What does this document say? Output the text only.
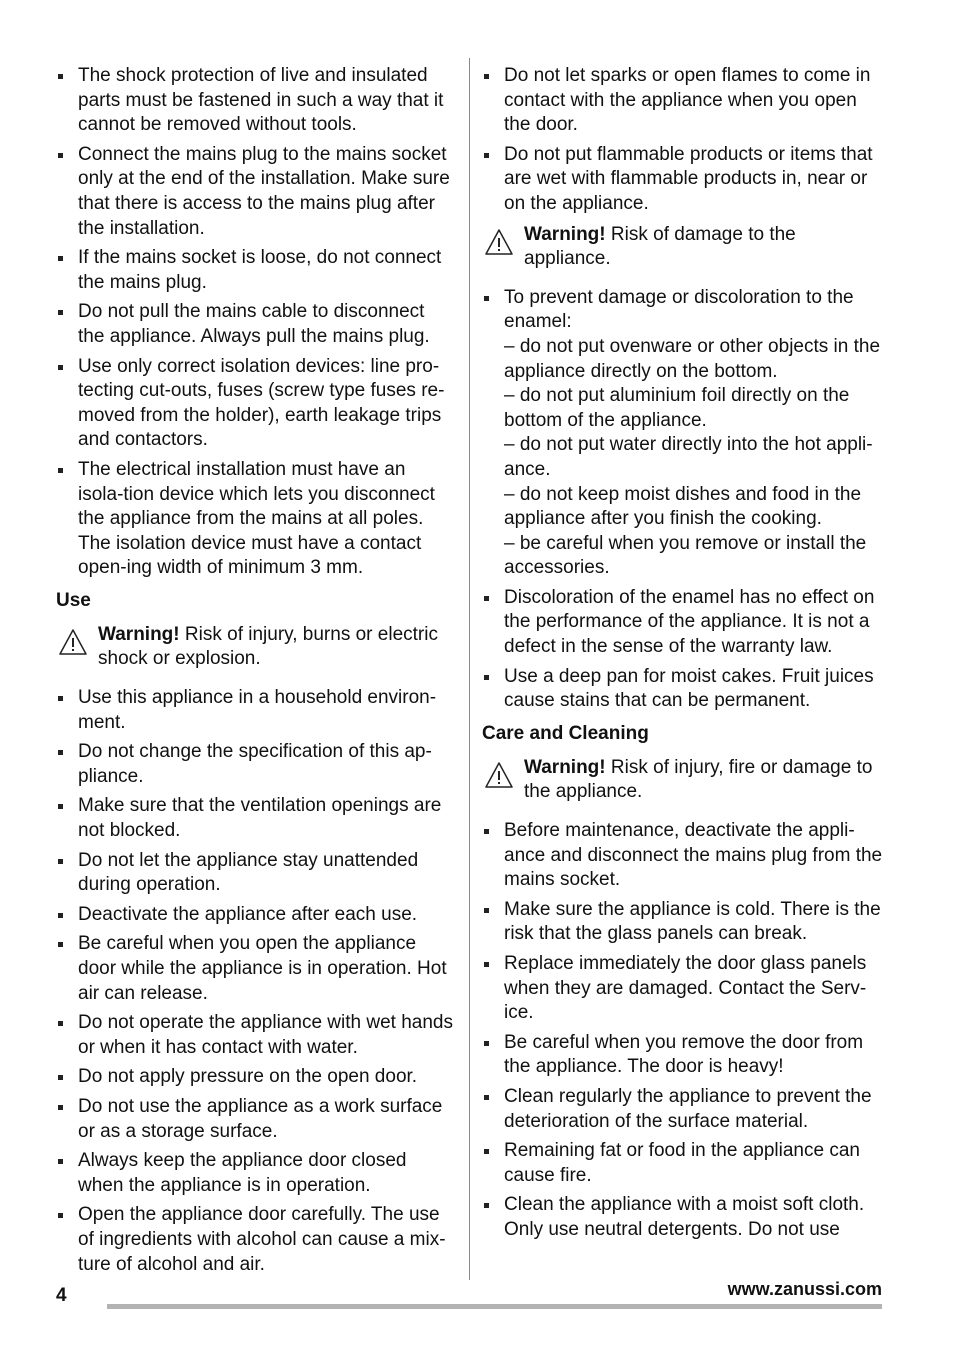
The shock protection of live and insulated parts must be fastened in such a way that it cannot be removed without tools.
Connect the mains plug to the mains socket only at the end of the installation. Make sure that there is access to the mains plug after the installation.
If the mains socket is loose, do not connect the mains plug.
Do not pull the mains cable to disconnect the appliance. Always pull the mains plug.
Use only correct isolation devices: line pro-tecting cut-outs, fuses (screw type fuses re-moved from the holder), earth leakage trips and contactors.
The electrical installation must have an isola-tion device which lets you disconnect the appliance from the mains at all poles. The isolation device must have a contact open-ing width of minimum 3 mm.
Use
Warning! Risk of injury, burns or electric shock or explosion.
Use this appliance in a household environ-ment.
Do not change the specification of this ap-pliance.
Make sure that the ventilation openings are not blocked.
Do not let the appliance stay unattended during operation.
Deactivate the appliance after each use.
Be careful when you open the appliance door while the appliance is in operation. Hot air can release.
Do not operate the appliance with wet hands or when it has contact with water.
Do not apply pressure on the open door.
Do not use the appliance as a work surface or as a storage surface.
Always keep the appliance door closed when the appliance is in operation.
Open the appliance door carefully. The use of ingredients with alcohol can cause a mix-ture of alcohol and air.
Do not let sparks or open flames to come in contact with the appliance when you open the door.
Do not put flammable products or items that are wet with flammable products in, near or on the appliance.
Warning! Risk of damage to the appliance.
To prevent damage or discoloration to the enamel:
– do not put ovenware or other objects in the appliance directly on the bottom.
– do not put aluminium foil directly on the bottom of the appliance.
– do not put water directly into the hot appli-ance.
– do not keep moist dishes and food in the appliance after you finish the cooking.
– be careful when you remove or install the accessories.
Discoloration of the enamel has no effect on the performance of the appliance. It is not a defect in the sense of the warranty law.
Use a deep pan for moist cakes. Fruit juices cause stains that can be permanent.
Care and Cleaning
Warning! Risk of injury, fire or damage to the appliance.
Before maintenance, deactivate the appli-ance and disconnect the mains plug from the mains socket.
Make sure the appliance is cold. There is the risk that the glass panels can break.
Replace immediately the door glass panels when they are damaged. Contact the Serv-ice.
Be careful when you remove the door from the appliance. The door is heavy!
Clean regularly the appliance to prevent the deterioration of the surface material.
Remaining fat or food in the appliance can cause fire.
Clean the appliance with a moist soft cloth. Only use neutral detergents. Do not use
4	www.zanussi.com
